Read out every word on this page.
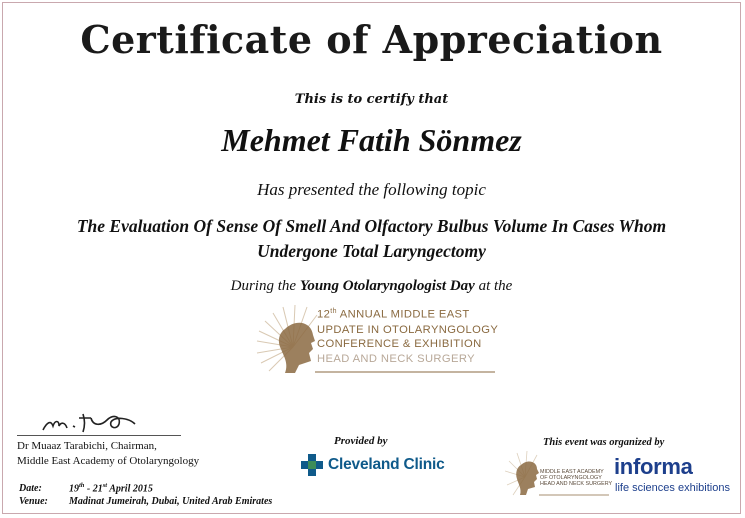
Certificate of Appreciation
This is to certify that
Mehmet Fatih Sönmez
Has presented the following topic
The Evaluation Of Sense Of Smell And Olfactory Bulbus Volume In Cases Whom
Undergone Total Laryngectomy
During the Young Otolaryngologist Day at the
12th ANNUAL MIDDLE EAST
UPDATE IN OTOLARYNGOLOGY
CONFERENCE & EXHIBITION
HEAD AND NECK SURGERY
Dr Muaaz Tarabichi, Chairman,
Middle East Academy of Otolaryngology
Date:	19th - 21st April 2015
Venue: Madinat Jumeirah, Dubai, United Arab Emirates
Provided by
Cleveland Clinic
This event was organized by
MIDDLE EAST ACADEMY
OF OTOLARYNGOLOGY
HEAD AND NECK SURGERY
informa
life sciences exhibitions
